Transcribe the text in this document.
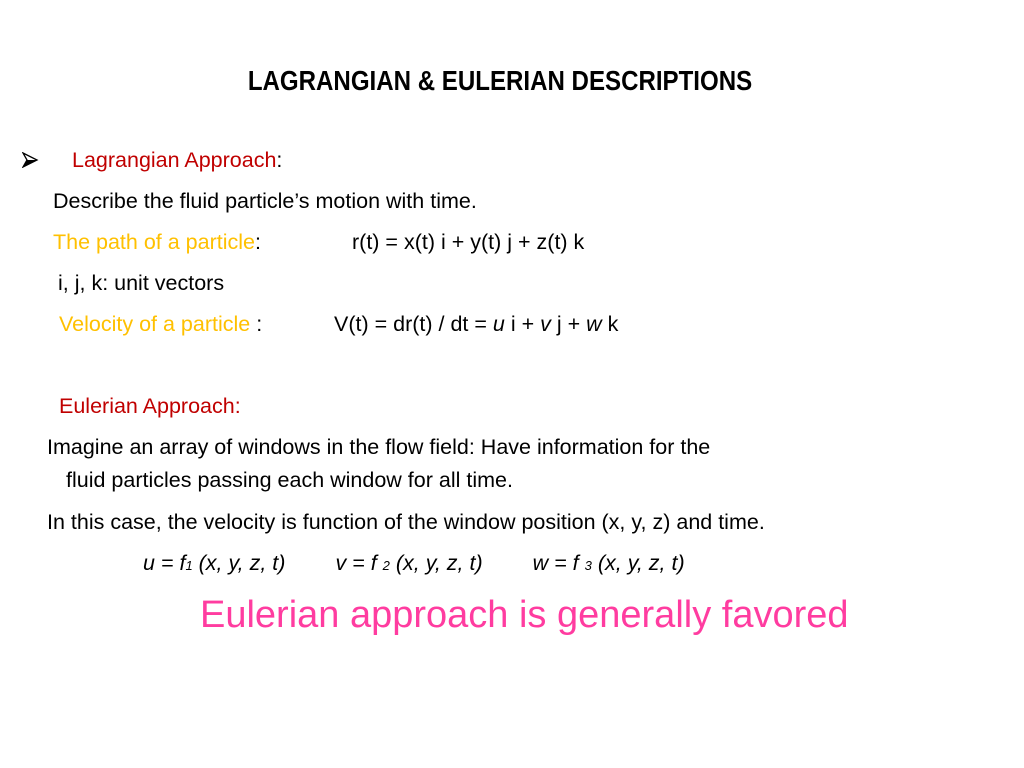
LAGRANGIAN & EULERIAN DESCRIPTIONS
Lagrangian Approach:
Describe the fluid particle’s motion with time.
The path of a particle:	r(t) = x(t) i + y(t) j + z(t) k
i, j, k: unit vectors
Velocity of a particle :	V(t) = dr(t) / dt = u i + v j + w k
Eulerian Approach:
Imagine an array of windows in the flow field: Have information for the
fluid particles passing each window for all time.
In this case, the velocity is function of the window position (x, y, z) and time.
u = f1 (x, y, z, t) v = f 2 (x, y, z, t) w = f 3 (x, y, z, t)
Eulerian approach is generally favored
